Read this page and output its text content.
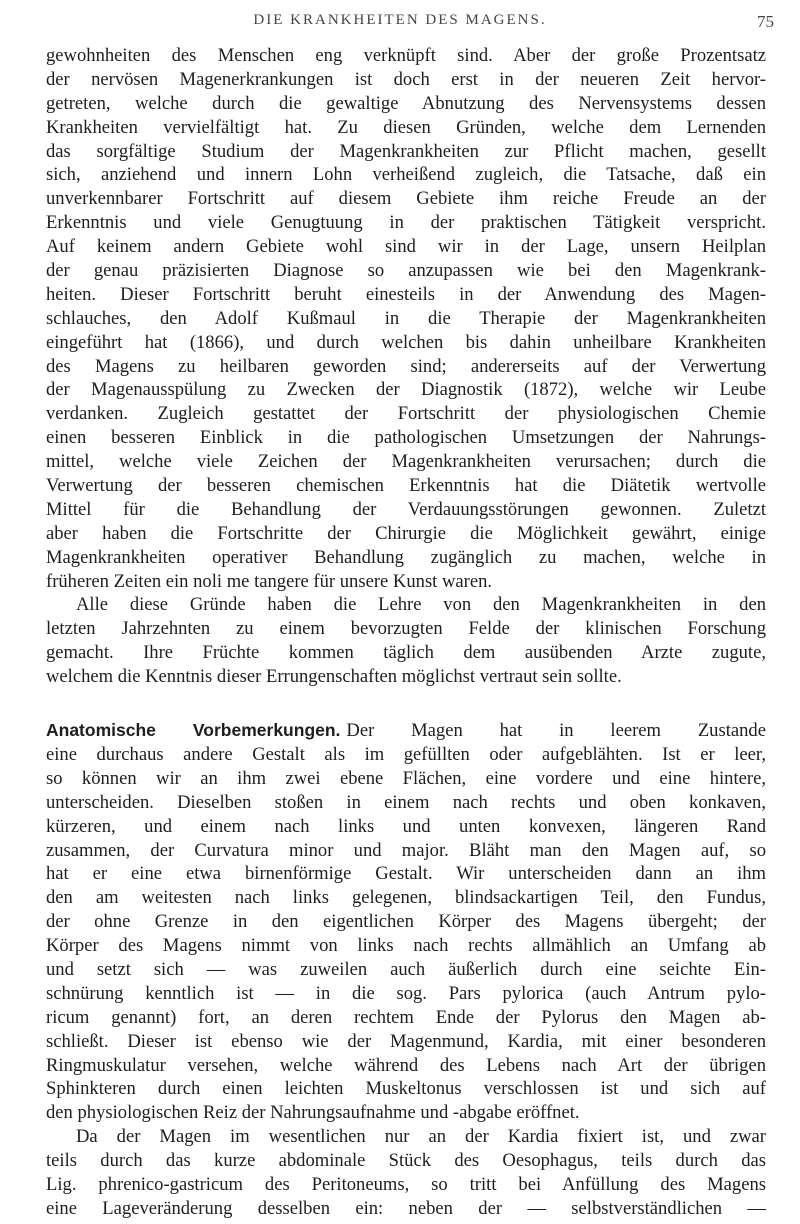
DIE KRANKHEITEN DES MAGENS.	75
gewohnheiten des Menschen eng verknüpft sind. Aber der große Prozentsatz
der nervösen Magenerkrankungen ist doch erst in der neueren Zeit hervor-
getreten, welche durch die gewaltige Abnutzung des Nervensystems dessen
Krankheiten vervielfältigt hat. Zu diesen Gründen, welche dem Lernenden
das sorgfältige Studium der Magenkrankheiten zur Pflicht machen, gesellt
sich, anziehend und innern Lohn verheißend zugleich, die Tatsache, daß ein
unverkennbarer Fortschritt auf diesem Gebiete ihm reiche Freude an der
Erkenntnis und viele Genugtuung in der praktischen Tätigkeit verspricht.
Auf keinem andern Gebiete wohl sind wir in der Lage, unsern Heilplan
der genau präzisierten Diagnose so anzupassen wie bei den Magenkrank-
heiten. Dieser Fortschritt beruht einesteils in der Anwendung des Magen-
schlauches, den Adolf Kußmaul in die Therapie der Magenkrankheiten
eingeführt hat (1866), und durch welchen bis dahin unheilbare Krankheiten
des Magens zu heilbaren geworden sind; andererseits auf der Verwertung
der Magenausspülung zu Zwecken der Diagnostik (1872), welche wir Leube
verdanken. Zugleich gestattet der Fortschritt der physiologischen Chemie
einen besseren Einblick in die pathologischen Umsetzungen der Nahrungs-
mittel, welche viele Zeichen der Magenkrankheiten verursachen; durch die
Verwertung der besseren chemischen Erkenntnis hat die Diätetik wertvolle
Mittel für die Behandlung der Verdauungsstörungen gewonnen. Zuletzt
aber haben die Fortschritte der Chirurgie die Möglichkeit gewährt, einige
Magenkrankheiten operativer Behandlung zugänglich zu machen, welche in
früheren Zeiten ein noli me tangere für unsere Kunst waren.
Alle diese Gründe haben die Lehre von den Magenkrankheiten in den
letzten Jahrzehnten zu einem bevorzugten Felde der klinischen Forschung
gemacht. Ihre Früchte kommen täglich dem ausübenden Arzte zugute,
welchem die Kenntnis dieser Errungenschaften möglichst vertraut sein sollte.
Anatomische Vorbemerkungen. Der Magen hat in leerem Zustande
eine durchaus andere Gestalt als im gefüllten oder aufgeblähten. Ist er leer,
so können wir an ihm zwei ebene Flächen, eine vordere und eine hintere,
unterscheiden. Dieselben stoßen in einem nach rechts und oben konkaven,
kürzeren, und einem nach links und unten konvexen, längeren Rand
zusammen, der Curvatura minor und major. Bläht man den Magen auf, so
hat er eine etwa birnenförmige Gestalt. Wir unterscheiden dann an ihm
den am weitesten nach links gelegenen, blindsackartigen Teil, den Fundus,
der ohne Grenze in den eigentlichen Körper des Magens übergeht; der
Körper des Magens nimmt von links nach rechts allmählich an Umfang ab
und setzt sich — was zuweilen auch äußerlich durch eine seichte Ein-
schnürung kenntlich ist — in die sog. Pars pylorica (auch Antrum pylo-
ricum genannt) fort, an deren rechtem Ende der Pylorus den Magen ab-
schließt. Dieser ist ebenso wie der Magenmund, Kardia, mit einer besonderen
Ringmuskulatur versehen, welche während des Lebens nach Art der übrigen
Sphinkteren durch einen leichten Muskeltonus verschlossen ist und sich auf
den physiologischen Reiz der Nahrungsaufnahme und -abgabe eröffnet.
Da der Magen im wesentlichen nur an der Kardia fixiert ist, und zwar
teils durch das kurze abdominale Stück des Oesophagus, teils durch das
Lig. phrenico-gastricum des Peritoneums, so tritt bei Anfüllung des Magens
eine Lageveränderung desselben ein: neben der — selbstverständlichen —
